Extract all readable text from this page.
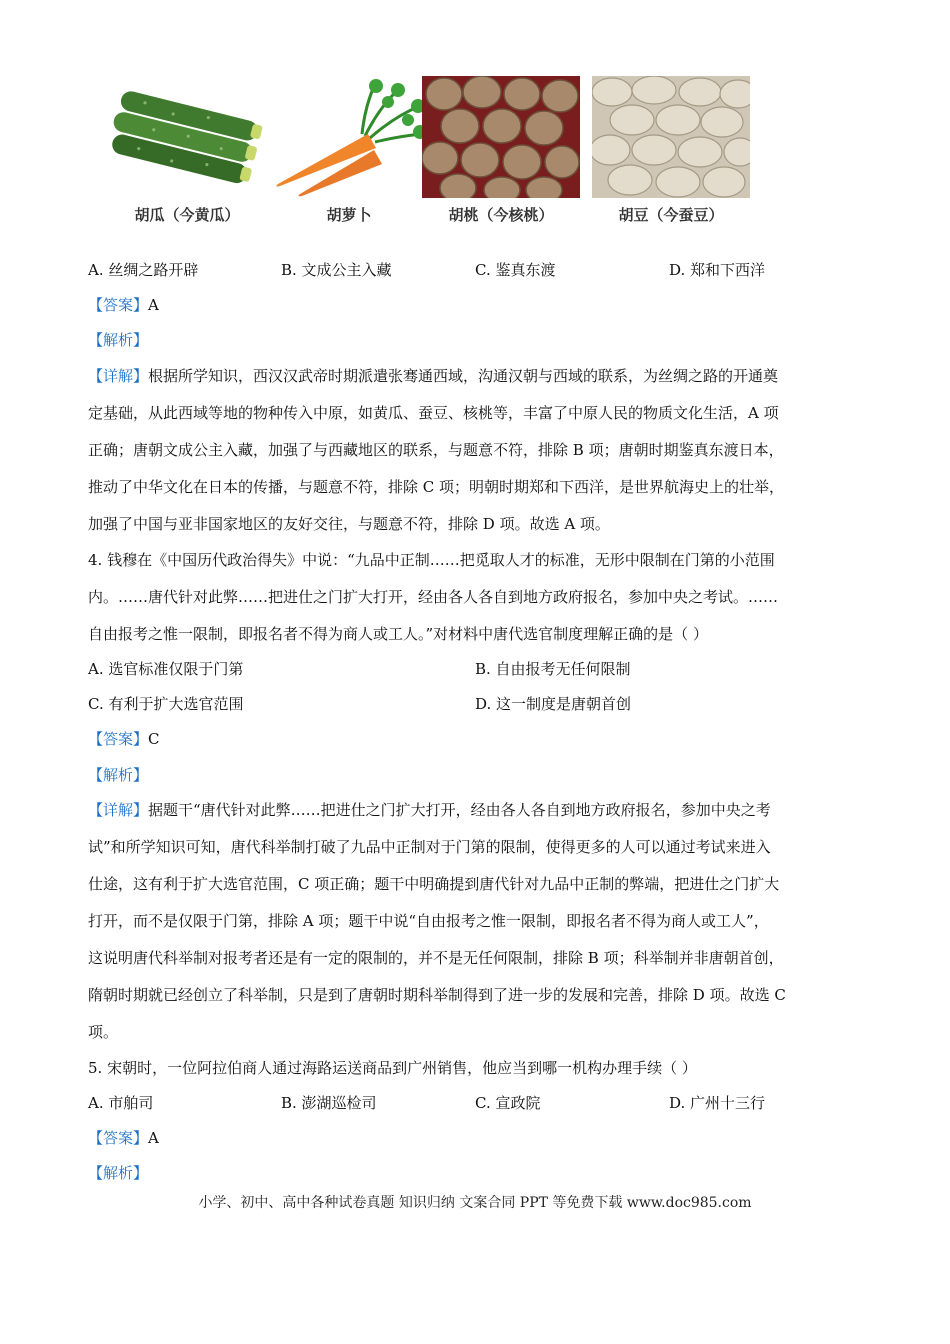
胡瓜（今黄瓜）	胡萝卜	胡桃（今核桃）	胡豆（今蚕豆）
A. 丝绸之路开辟	B. 文成公主入藏	C. 鉴真东渡	D. 郑和下西洋
【答案】A
【解析】
【详解】根据所学知识，西汉汉武帝时期派遣张骞通西域，沟通汉朝与西域的联系，为丝绸之路的开通奠
定基础，从此西域等地的物种传入中原，如黄瓜、蚕豆、核桃等，丰富了中原人民的物质文化生活，A 项
正确；唐朝文成公主入藏，加强了与西藏地区的联系，与题意不符，排除 B 项；唐朝时期鉴真东渡日本，
推动了中华文化在日本的传播，与题意不符，排除 C 项；明朝时期郑和下西洋，是世界航海史上的壮举，
加强了中国与亚非国家地区的友好交往，与题意不符，排除 D 项。故选 A 项。
4. 钱穆在《中国历代政治得失》中说：“九品中正制……把觅取人才的标准，无形中限制在门第的小范围
内。……唐代针对此弊……把进仕之门扩大打开，经由各人各自到地方政府报名，参加中央之考试。……
自由报考之惟一限制，即报名者不得为商人或工人。”对材料中唐代选官制度理解正确的是（ ）
A. 选官标准仅限于门第	B. 自由报考无任何限制
C. 有利于扩大选官范围	D. 这一制度是唐朝首创
【答案】C
【解析】
【详解】据题干“唐代针对此弊……把进仕之门扩大打开，经由各人各自到地方政府报名，参加中央之考
试”和所学知识可知，唐代科举制打破了九品中正制对于门第的限制，使得更多的人可以通过考试来进入
仕途，这有利于扩大选官范围，C 项正确；题干中明确提到唐代针对九品中正制的弊端，把进仕之门扩大
打开，而不是仅限于门第，排除 A 项；题干中说“自由报考之惟一限制，即报名者不得为商人或工人”，
这说明唐代科举制对报考者还是有一定的限制的，并不是无任何限制，排除 B 项；科举制并非唐朝首创，
隋朝时期就已经创立了科举制，只是到了唐朝时期科举制得到了进一步的发展和完善，排除 D 项。故选 C
项。
5. 宋朝时，一位阿拉伯商人通过海路运送商品到广州销售，他应当到哪一机构办理手续（ ）
A. 市舶司	B. 澎湖巡检司	C. 宣政院	D. 广州十三行
【答案】A
【解析】
小学、初中、高中各种试卷真题 知识归纳 文案合同 PPT 等免费下载 www.doc985.com
